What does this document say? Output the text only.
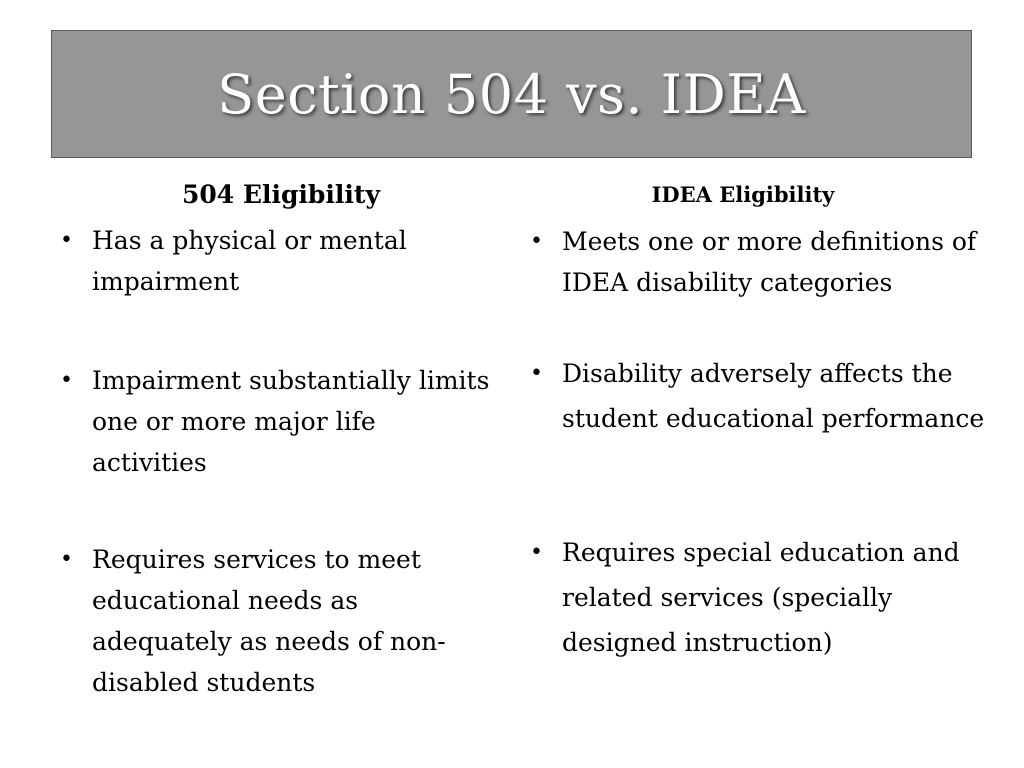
Section 504 vs. IDEA
504 Eligibility	IDEA Eligibility
• Has a physical or mental impairment
• Impairment substantially limits one or more major life activities
• Requires services to meet educational needs as adequately as needs of non-disabled students
• Meets one or more definitions of IDEA disability categories
• Disability adversely affects the student educational performance
• Requires special education and related services (specially designed instruction)
